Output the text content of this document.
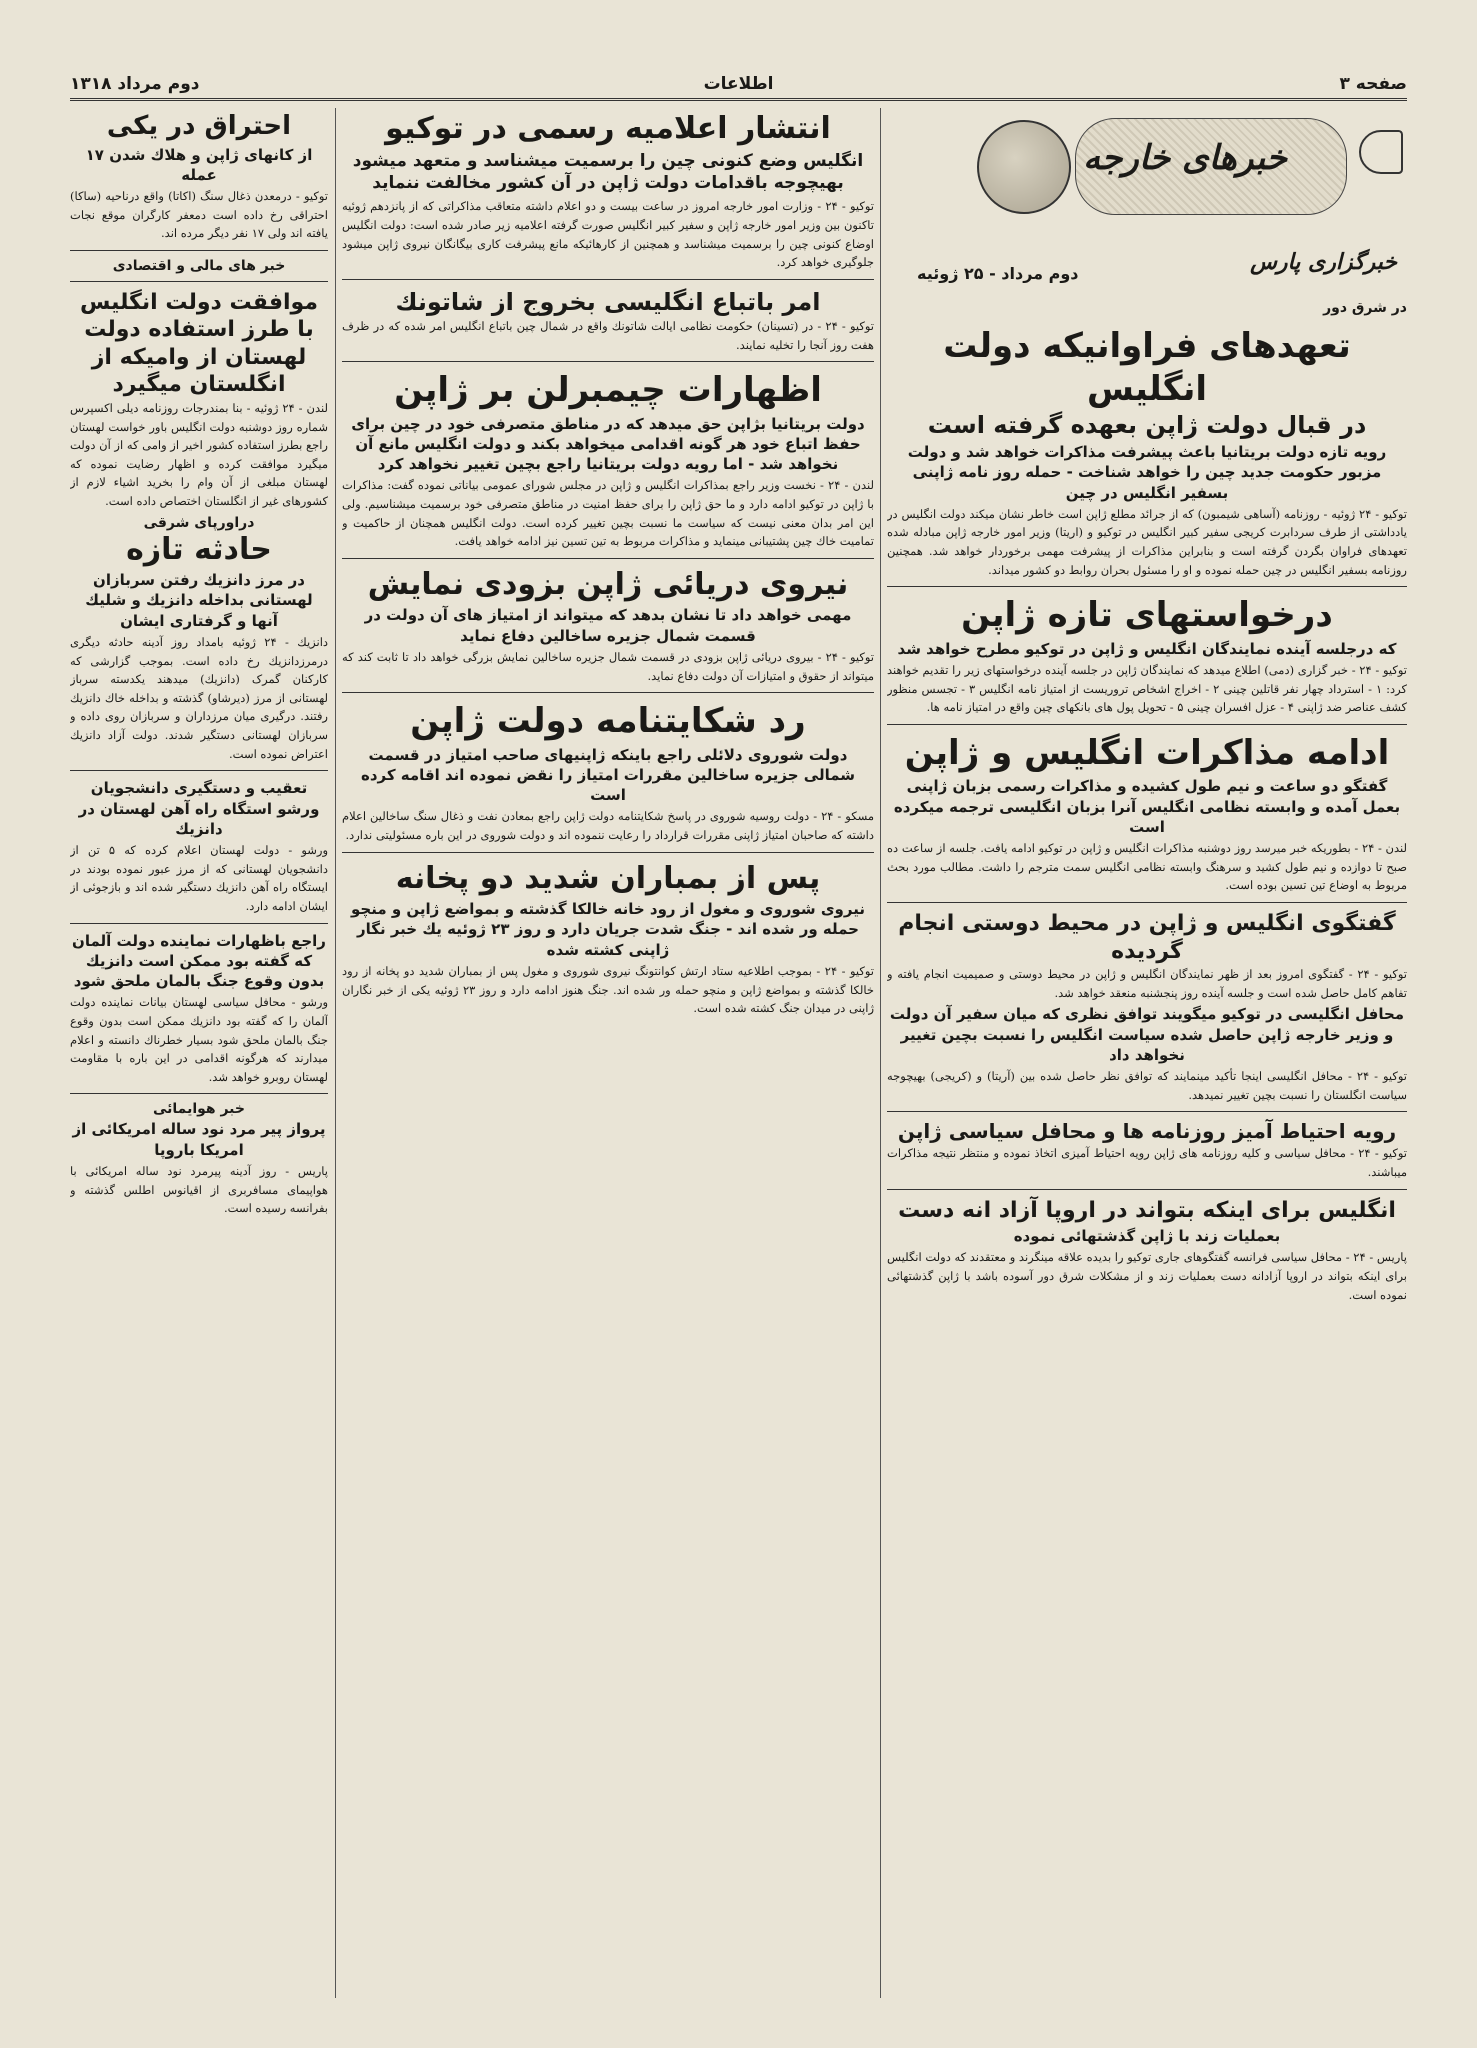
صفحه ۳
اطلاعات
دوم مرداد ۱۳۱۸
خبرهای خارجه
خبرگزاری پارس
دوم مرداد - ۲۵ ژوئیه
در شرق دور
تعهدهای فراوانیکه دولت انگلیس
در قبال دولت ژاپن بعهده گرفته است

رویه تازه دولت بریتانیا باعث پیشرفت مذاکرات خواهد شد و دولت مزبور حکومت جدید چین را خواهد شناخت - حمله روز نامه ژاپنی بسفیر انگلیس در چین

توکیو - ۲۴ ژوئیه - روزنامه (آساهی شیمبون) که از جرائد مطلع ژاپن است خاطر نشان میکند دولت انگلیس در یادداشتی از طرف سردابرت کریجی سفیر کبیر انگلیس در توکیو و (اریتا) وزیر امور خارجه ژاپن مبادله شده تعهدهای فراوان بگردن گرفته است و بنابراین مذاکرات از پیشرفت مهمی برخوردار خواهد شد. همچنین روزنامه بسفیر انگلیس در چین حمله نموده و او را مسئول بحران روابط دو کشور میداند.

درخواستهای تازه ژاپن

که درجلسه آینده نمایندگان انگلیس و ژاپن در توکیو مطرح خواهد شد

توکیو - ۲۴ - خبر گزاری (دمی) اطلاع میدهد که نمایندگان ژاپن در جلسه آینده درخواستهای زیر را تقدیم خواهند کرد: ۱ - استرداد چهار نفر قاتلین چینی ۲ - اخراج اشخاص تروریست از امتیاز نامه انگلیس ۳ - تجسس منظور کشف عناصر ضد ژاپنی ۴ - عزل افسران چینی ۵ - تحویل پول های بانکهای چین واقع در امتیاز نامه ها.

ادامه مذاکرات انگلیس و ژاپن

گفتگو دو ساعت و نیم طول کشیده و مذاکرات رسمی بزبان ژاپنی بعمل آمده و وابسته نظامی انگلیس آنرا بزبان انگلیسی ترجمه میکرده است

لندن - ۲۴ - بطوریکه خبر میرسد روز دوشنبه مذاکرات انگلیس و ژاپن در توکیو ادامه یافت. جلسه از ساعت ده صبح تا دوازده و نیم طول کشید و سرهنگ وابسته نظامی انگلیس سمت مترجم را داشت. مطالب مورد بحث مربوط به اوضاع تین تسین بوده است.

گفتگوی انگلیس و ژاپن در محیط دوستی انجام گردیده

توکیو - ۲۴ - گفتگوی امروز بعد از ظهر نمایندگان انگلیس و ژاپن در محیط دوستی و صمیمیت انجام یافته و تفاهم کامل حاصل شده است و جلسه آینده روز پنجشنبه منعقد خواهد شد.

محافل انگلیسی در توکیو میگویند توافق نظری که میان سفیر آن دولت و وزیر خارجه ژاپن حاصل شده سیاست انگلیس را نسبت بچین تغییر نخواهد داد

توکیو - ۲۴ - محافل انگلیسی اینجا تأکید مینمایند که توافق نظر حاصل شده بین (آریتا) و (کریجی) بهیچوجه سیاست انگلستان را نسبت بچین تغییر نمیدهد.

رویه احتیاط آمیز روزنامه ها و محافل سیاسی ژاپن

توکیو - ۲۴ - محافل سیاسی و کلیه روزنامه های ژاپن رویه احتیاط آمیزی اتخاذ نموده و منتظر نتیجه مذاکرات میباشند.

انگلیس برای اینکه بتواند در اروپا آزاد انه دست

بعملیات زند با ژاپن گذشتهائی نموده

پاریس - ۲۴ - محافل سیاسی فرانسه گفتگوهای جاری توکیو را بدیده علاقه مینگرند و معتقدند که دولت انگلیس برای اینکه بتواند در اروپا آزادانه دست بعملیات زند و از مشکلات شرق دور آسوده باشد با ژاپن گذشتهائی نموده است.

انتشار اعلامیه رسمی در توکیو

انگلیس وضع کنونی چین را برسمیت میشناسد و متعهد میشود بهیچوجه باقدامات دولت ژاپن در آن کشور مخالفت ننماید

توکیو - ۲۴ - وزارت امور خارجه امروز در ساعت بیست و دو اعلام داشته متعاقب مذاکراتی که از پانزدهم ژوئیه تاکنون بین وزیر امور خارجه ژاپن و سفیر کبیر انگلیس صورت گرفته اعلامیه زیر صادر شده است: دولت انگلیس اوضاع کنونی چین را برسمیت میشناسد و همچنین از کارهائیکه مانع پیشرفت کاری بیگانگان نیروی ژاپن میشود جلوگیری خواهد کرد.

امر باتباع انگلیسی بخروج از شاتونك

توکیو - ۲۴ - در (تسینان) حکومت نظامی ایالت شاتونك واقع در شمال چین باتباع انگلیس امر شده که در ظرف هفت روز آنجا را تخلیه نمایند.

اظهارات چیمبرلن بر ژاپن

دولت بریتانیا بژاپن حق میدهد که در مناطق متصرفی خود در چین برای حفظ اتباع خود هر گونه اقدامی میخواهد بکند و دولت انگلیس مانع آن نخواهد شد - اما رویه دولت بریتانیا راجع بچین تغییر نخواهد کرد

لندن - ۲۴ - نخست وزیر راجع بمذاکرات انگلیس و ژاپن در مجلس شورای عمومی بیاناتی نموده گفت: مذاکرات با ژاپن در توکیو ادامه دارد و ما حق ژاپن را برای حفظ امنیت در مناطق متصرفی خود برسمیت میشناسیم. ولی این امر بدان معنی نیست که سیاست ما نسبت بچین تغییر کرده است. دولت انگلیس همچنان از حاکمیت و تمامیت خاك چین پشتیبانی مینماید و مذاکرات مربوط به تین تسین نیز ادامه خواهد یافت.

نیروی دریائی ژاپن بزودی نمایش

مهمی خواهد داد تا نشان بدهد که میتواند از امتیاز های آن دولت در قسمت شمال جزیره ساخالین دفاع نماید

توکیو - ۲۴ - بیروی دریائی ژاپن بزودی در قسمت شمال جزیره ساخالین نمایش بزرگی خواهد داد تا ثابت کند که میتواند از حقوق و امتیازات آن دولت دفاع نماید.

رد شکایتنامه دولت ژاپن

دولت شوروی دلائلی راجع باینکه ژاپنیهای صاحب امتیاز در قسمت شمالی جزیره ساخالین مقررات امتیاز را نقض نموده اند اقامه کرده است

مسکو - ۲۴ - دولت روسیه شوروی در پاسخ شکایتنامه دولت ژاپن راجع بمعادن نفت و ذغال سنگ ساخالین اعلام داشته که صاحبان امتیاز ژاپنی مقررات قرارداد را رعایت ننموده اند و دولت شوروی در این باره مسئولیتی ندارد.

پس از بمباران شدید دو پخانه

نیروی شوروی و مغول از رود خانه خالکا گذشته و بمواضع ژاپن و منچو حمله ور شده اند - جنگ شدت جریان دارد و روز ۲۳ ژوئیه یك خبر نگار ژاپنی کشته شده

توکیو - ۲۴ - بموجب اطلاعیه ستاد ارتش کوانتونگ نیروی شوروی و مغول پس از بمباران شدید دو پخانه از رود خالکا گذشته و بمواضع ژاپن و منچو حمله ور شده اند. جنگ هنوز ادامه دارد و روز ۲۳ ژوئیه یکی از خبر نگاران ژاپنی در میدان جنگ کشته شده است.

احتراق در یکی

از کانهای ژاپن و هلاك شدن ۱۷ عمله

توکیو - درمعدن ذغال سنگ (اکاتا) واقع درناحیه (ساکا) احتراقی رخ داده است دمعفر کارگران موقع نجات یافته اند ولی ۱۷ نفر دیگر مرده اند.

خبر های مالی و اقتصادی
موافقت دولت انگلیس با طرز استفاده دولت لهستان از وامیکه از انگلستان میگیرد

لندن - ۲۴ ژوئیه - بنا بمندرجات روزنامه دیلی اکسپرس شماره روز دوشنبه دولت انگلیس باور خواست لهستان راجع بطرز استفاده کشور اخیر از وامی که از آن دولت میگیرد موافقت کرده و اظهار رضایت نموده که لهستان مبلغی از آن وام را بخرید اشیاء لازم از کشورهای غیر از انگلستان اختصاص داده است.

دراورپای شرقی
حادثه تازه

در مرز دانزیك رفتن سربازان لهستانی بداخله دانزیك و شلیك آنها و گرفتاری ایشان

دانزیك - ۲۴ ژوئیه بامداد روز آدینه حادثه دیگری درمرزدانزیك رخ داده است. بموجب گزارشی که کارکنان گمرک (دانزیك) میدهند یکدسته سرباز لهستانی از مرز (دیرشاو) گذشته و بداخله خاك دانزیك رفتند. درگیری میان مرزداران و سربازان روی داده و سربازان لهستانی دستگیر شدند. دولت آزاد دانزیك اعتراض نموده است.

تعقیب و دستگیری دانشجویان ورشو استگاه راه آهن لهستان در دانزیك

ورشو - دولت لهستان اعلام کرده که ۵ تن از دانشجویان لهستانی که از مرز عبور نموده بودند در ایستگاه راه آهن دانزیك دستگیر شده اند و بازجوئی از ایشان ادامه دارد.

راجع باظهارات نماینده دولت آلمان که گفته بود ممکن است دانزیك بدون وقوع جنگ بالمان ملحق شود

ورشو - محافل سیاسی لهستان بیانات نماینده دولت آلمان را که گفته بود دانزیك ممکن است بدون وقوع جنگ بالمان ملحق شود بسیار خطرناك دانسته و اعلام میدارند که هرگونه اقدامی در این باره با مقاومت لهستان روبرو خواهد شد.

خبر هوایمائی

پرواز پیر مرد نود ساله امریکائی از امریکا باروپا

پاریس - روز آدینه پیرمرد نود ساله امریکائی با هواپیمای مسافربری از اقیانوس اطلس گذشته و بفرانسه رسیده است.
